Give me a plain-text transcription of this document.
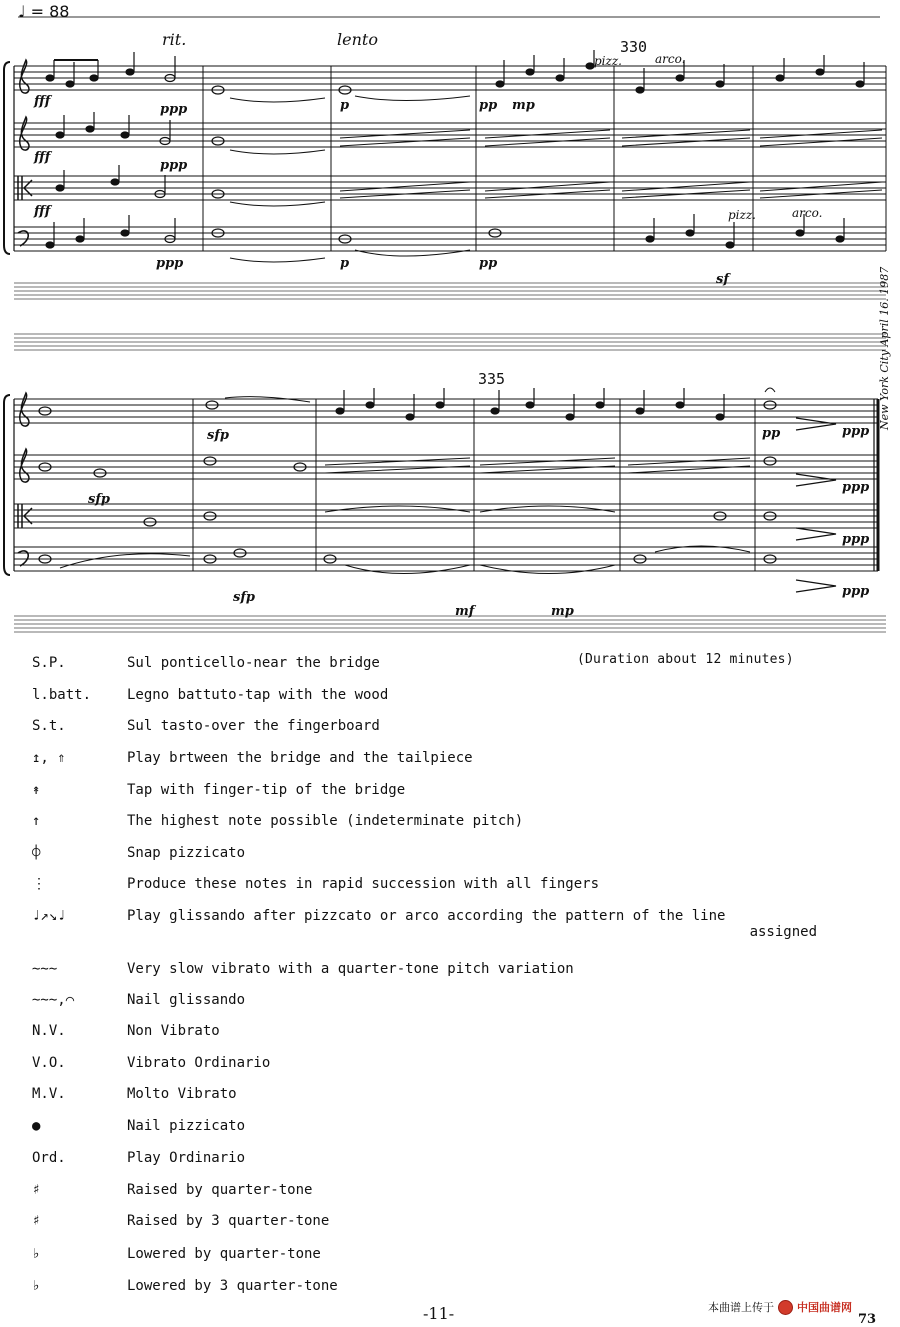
♩ = 88
rit.	lento	330
pizz.	arco.
pizz.	arco.
335
fff
fff
fff
ppp
ppp
ppp
p
p
pp
pp
mp
sf
sfp
sfp
sfp
mf	mp
pp	ppp
ppp
ppp
ppp
New York City April 16. 1987
(Duration about 12 minutes)
S.P.	Sul ponticello-near the bridge
l.batt.	Legno battuto-tap with the wood
S.t.	Sul tasto-over the fingerboard
↥, ⇑	Play brtween the bridge and the tailpiece
↟	Tap with finger-tip of the bridge
↑	The highest note possible (indeterminate pitch)
⌽	Snap pizzicato
⋮	Produce these notes in rapid succession with all fingers
♩↗↘♩	Play glissando after pizzcato or arco according the pattern of the line
assigned
∼∼∼	Very slow vibrato with a quarter-tone pitch variation
∼∼∼,⌒	Nail glissando
N.V.	Non Vibrato
V.O.	Vibrato Ordinario
M.V.	Molto Vibrato
●	Nail pizzicato
Ord.	Play Ordinario
♯	Raised by quarter-tone
♯	Raised by 3 quarter-tone
♭	Lowered by quarter-tone
♭	Lowered by 3 quarter-tone
-11-	本曲谱上传于 中国曲谱网
73
